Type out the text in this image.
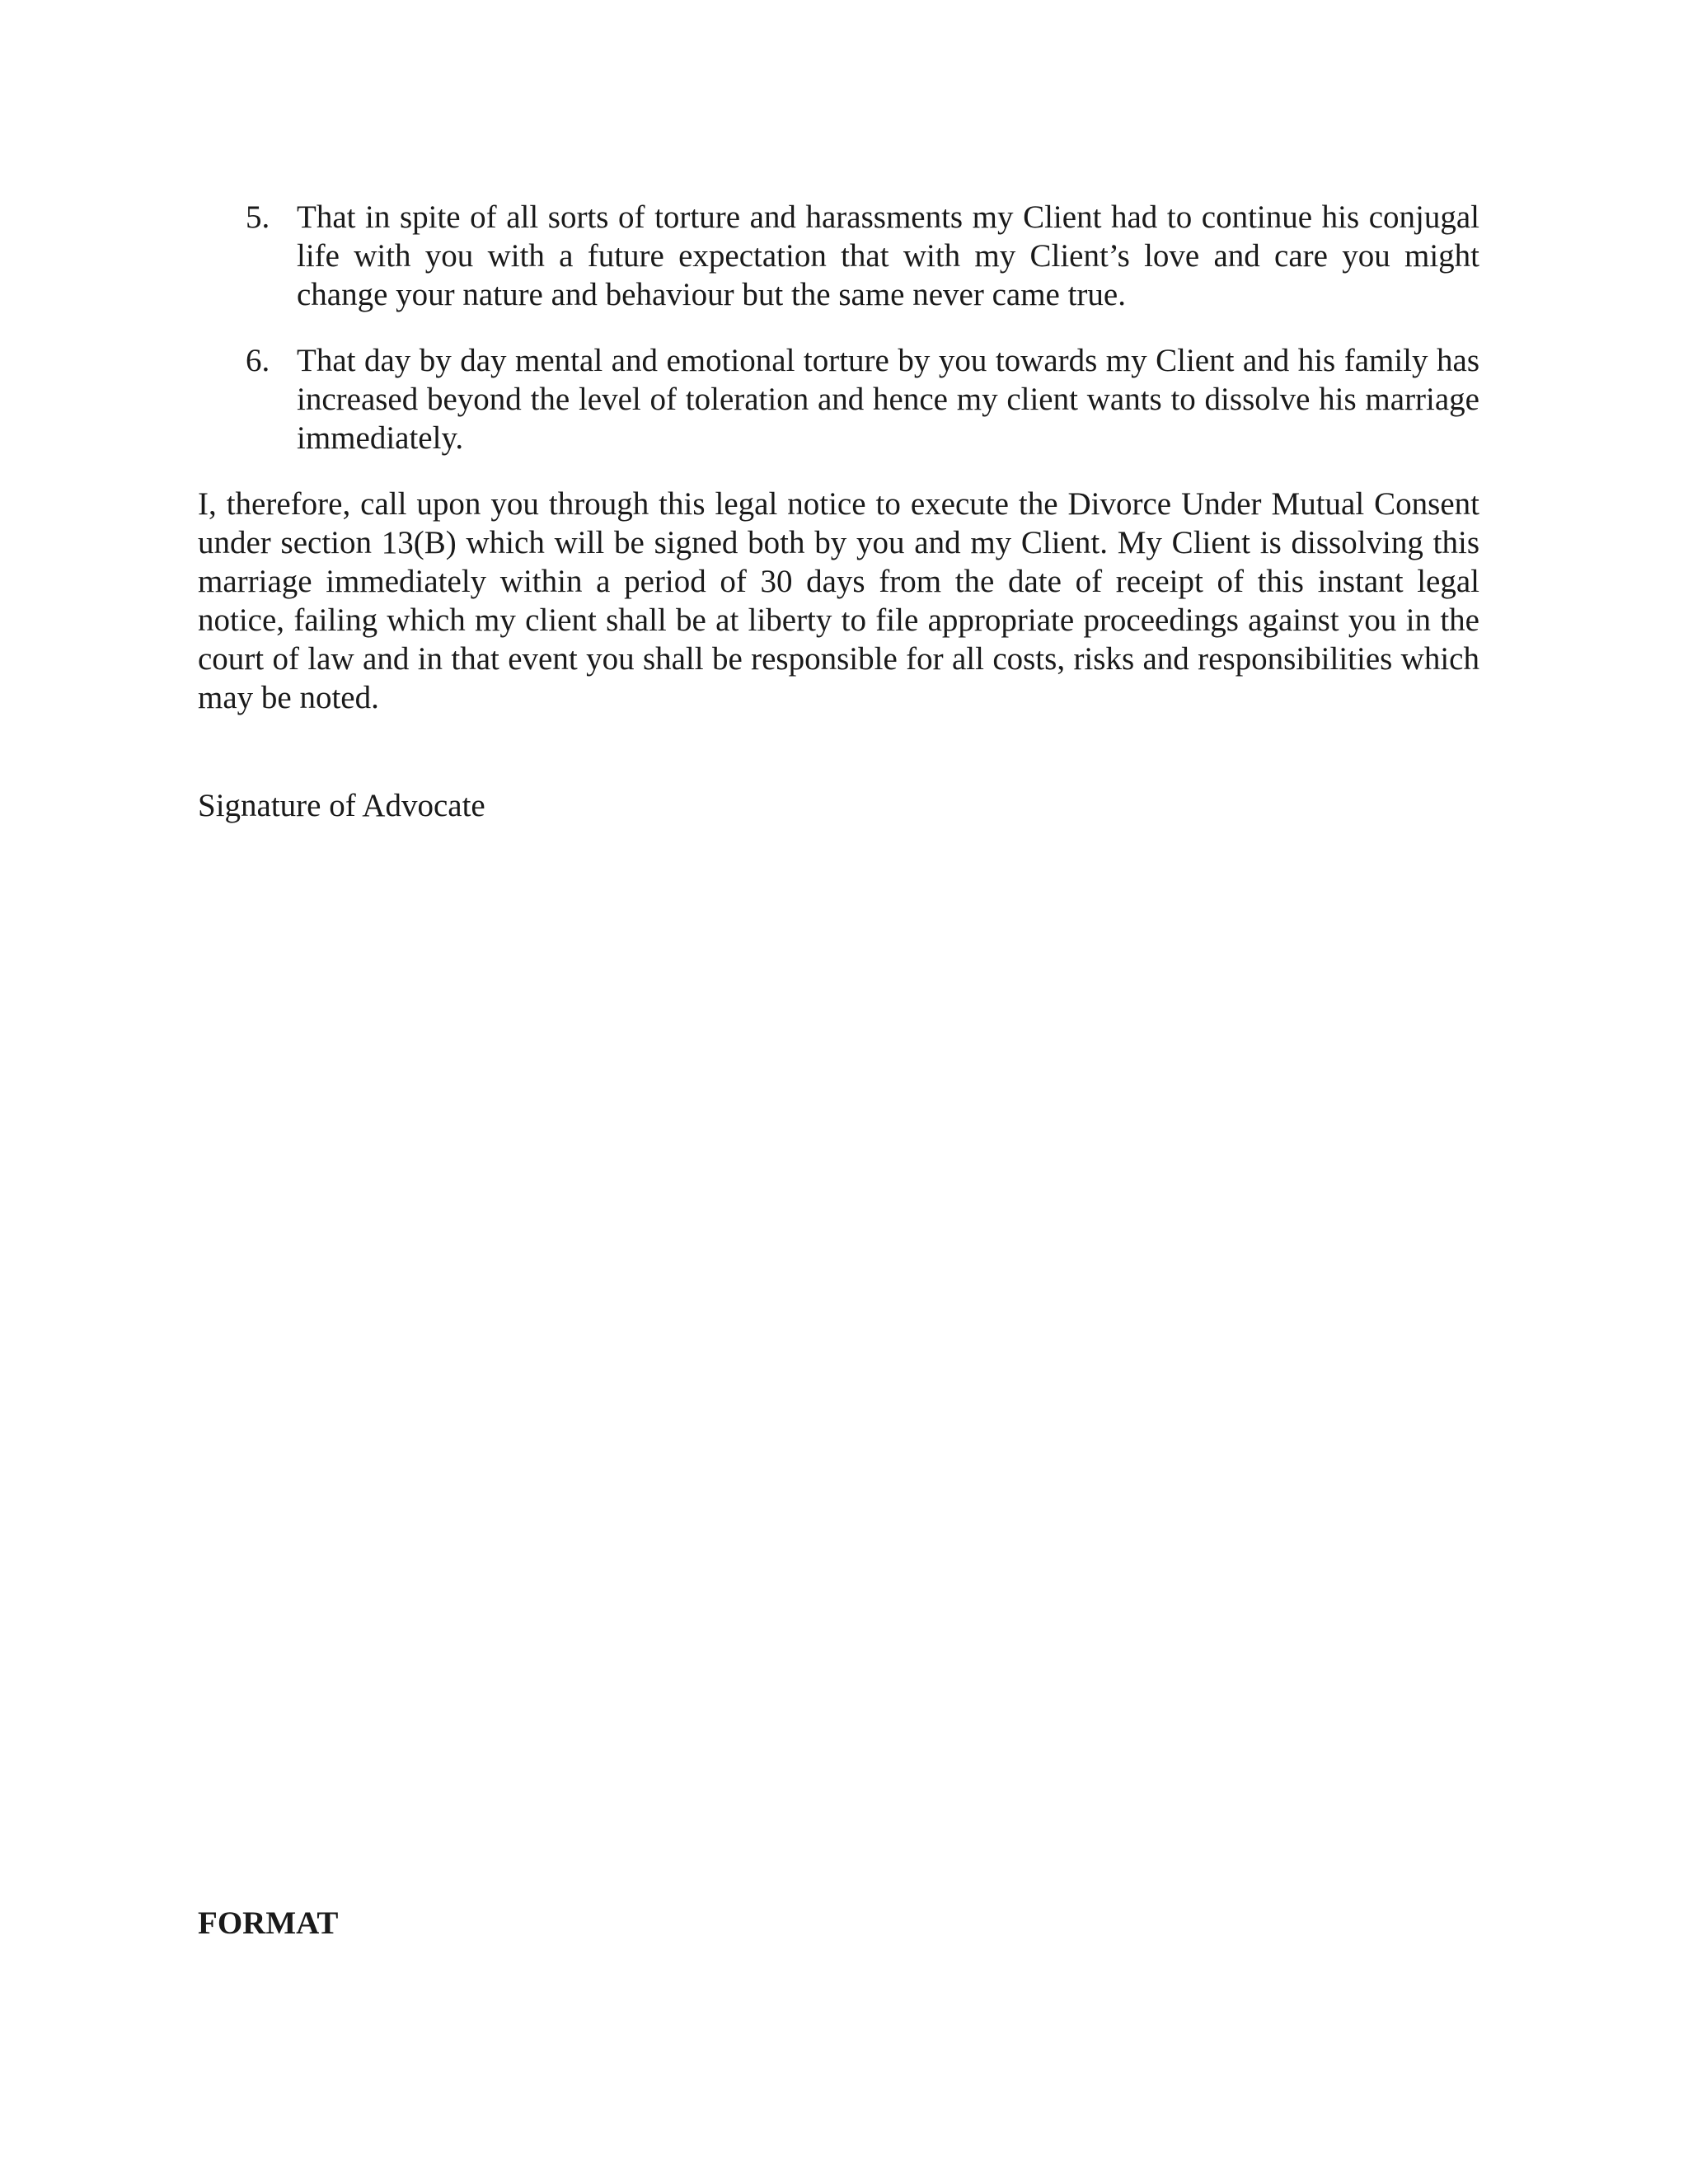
5. That in spite of all sorts of torture and harassments my Client had to continue his conjugal life with you with a future expectation that with my Client’s love and care you might change your nature and behaviour but the same never came true.
6. That day by day mental and emotional torture by you towards my Client and his family has increased beyond the level of toleration and hence my client wants to dissolve his marriage immediately.

I, therefore, call upon you through this legal notice to execute the Divorce Under Mutual Consent under section 13(B) which will be signed both by you and my Client. My Client is dissolving this marriage immediately within a period of 30 days from the date of receipt of this instant legal notice, failing which my client shall be at liberty to file appropriate proceedings against you in the court of law and in that event you shall be responsible for all costs, risks and responsibilities which may be noted.

Signature of Advocate
FORMAT
